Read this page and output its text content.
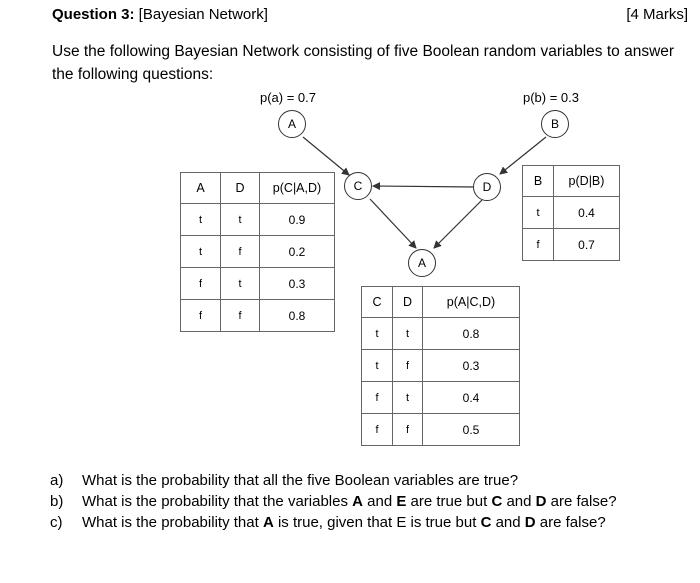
Question 3: [Bayesian Network]	[4 Marks]
Use the following Bayesian Network consisting of five Boolean random variables to answer the following questions:
p(a) = 0.7	p(b) = 0.3
A	B
C	D
A
A	D	p(C|A,D)
t	t	0.9
t	f	0.2
f	t	0.3
f	f	0.8
B	p(D|B)
t	0.4
f	0.7
C	D	p(A|C,D)
t	t	0.8
t	f	0.3
f	t	0.4
f	f	0.5
a)	What is the probability that all the five Boolean variables are true?
b)	What is the probability that the variables A and E are true but C and D are false?
c)	What is the probability that A is true, given that E is true but C and D are false?
